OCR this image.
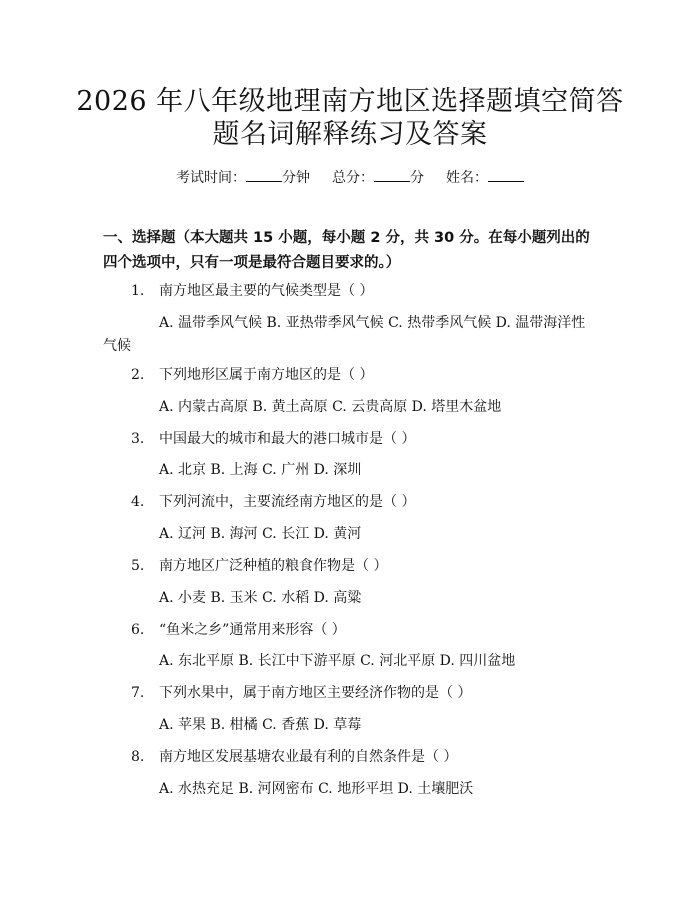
2026 年八年级地理南方地区选择题填空简答
题名词解释练习及答案
考试时间：	分钟 总分：	分 姓名：
一、选择题（本大题共 15 小题，每小题 2 分，共 30 分。在每小题列出的四个选项中，只有一项是最符合题目要求的。）
1. 南方地区最主要的气候类型是（ ）
A. 温带季风气候 B. 亚热带季风气候 C. 热带季风气候 D. 温带海洋性气候
2. 下列地形区属于南方地区的是（ ）
A. 内蒙古高原 B. 黄土高原 C. 云贵高原 D. 塔里木盆地
3. 中国最大的城市和最大的港口城市是（ ）
A. 北京 B. 上海 C. 广州 D. 深圳
4. 下列河流中，主要流经南方地区的是（ ）
A. 辽河 B. 海河 C. 长江 D. 黄河
5. 南方地区广泛种植的粮食作物是（ ）
A. 小麦 B. 玉米 C. 水稻 D. 高粱
6. “鱼米之乡”通常用来形容（ ）
A. 东北平原 B. 长江中下游平原 C. 河北平原 D. 四川盆地
7. 下列水果中，属于南方地区主要经济作物的是（ ）
A. 苹果 B. 柑橘 C. 香蕉 D. 草莓
8. 南方地区发展基塘农业最有利的自然条件是（ ）
A. 水热充足 B. 河网密布 C. 地形平坦 D. 土壤肥沃
